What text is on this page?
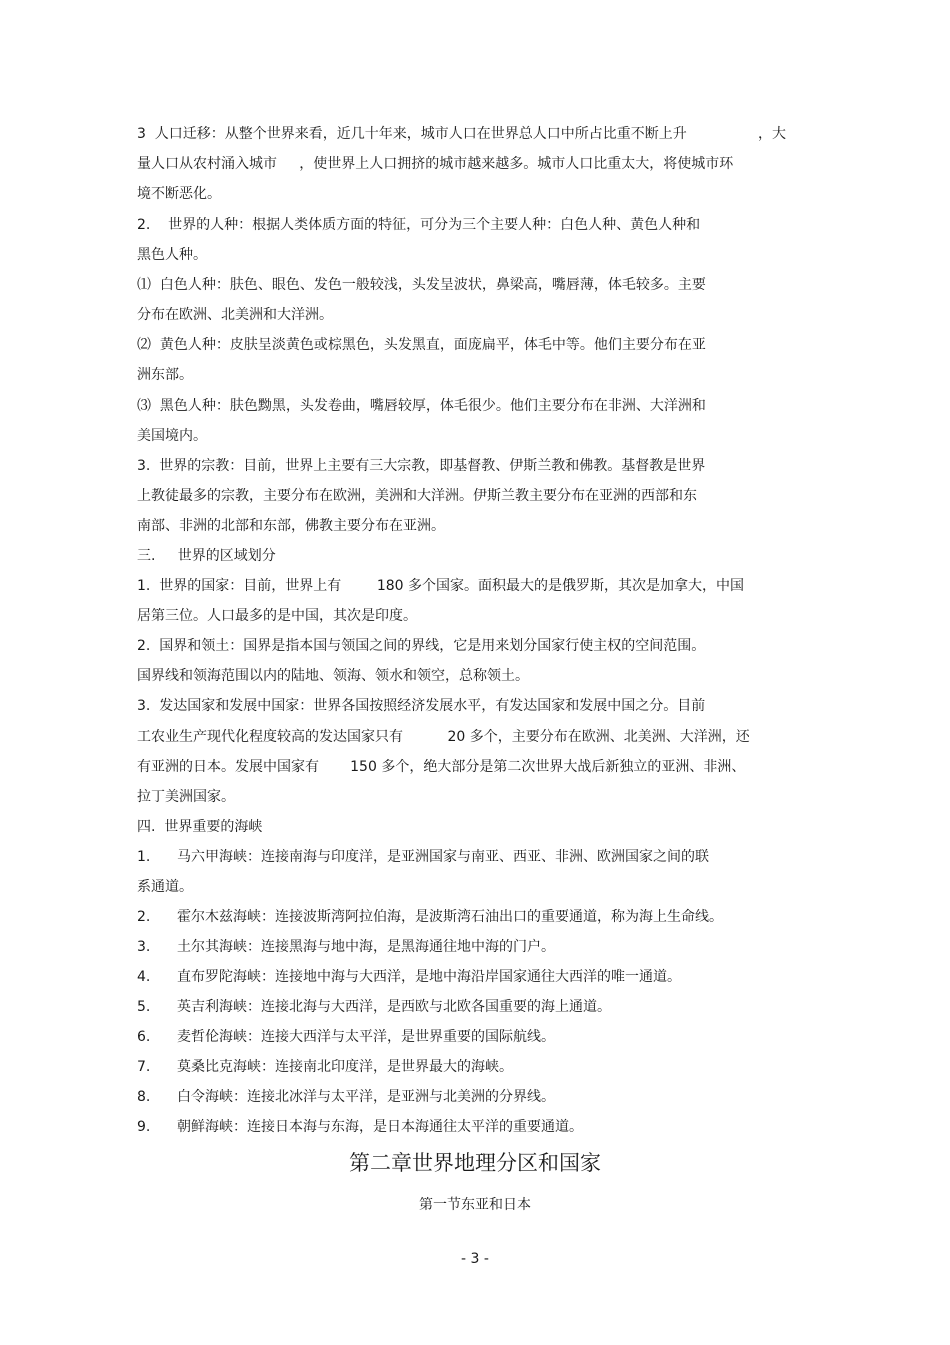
3  人口迁移：从整个世界来看，近几十年来，城市人口在世界总人口中所占比重不断上升                ，大
量人口从农村涌入城市     ，使世界上人口拥挤的城市越来越多。城市人口比重太大，将使城市环
境不断恶化。
2.    世界的人种：根据人类体质方面的特征，可分为三个主要人种：白色人种、黄色人种和
黑色人种。
⑴  白色人种：肤色、眼色、发色一般较浅，头发呈波状，鼻梁高，嘴唇薄，体毛较多。主要
分布在欧洲、北美洲和大洋洲。
⑵  黄色人种：皮肤呈淡黄色或棕黑色，头发黑直，面庞扁平，体毛中等。他们主要分布在亚
洲东部。
⑶  黑色人种：肤色黝黑，头发卷曲，嘴唇较厚，体毛很少。他们主要分布在非洲、大洋洲和
美国境内。
3.  世界的宗教：目前，世界上主要有三大宗教，即基督教、伊斯兰教和佛教。基督教是世界
上教徒最多的宗教，主要分布在欧洲，美洲和大洋洲。伊斯兰教主要分布在亚洲的西部和东
南部、非洲的北部和东部，佛教主要分布在亚洲。
三.     世界的区域划分
1.  世界的国家：目前，世界上有        180 多个国家。面积最大的是俄罗斯，其次是加拿大，中国
居第三位。人口最多的是中国，其次是印度。
2.  国界和领土：国界是指本国与领国之间的界线，它是用来划分国家行使主权的空间范围。
国界线和领海范围以内的陆地、领海、领水和领空，总称领土。
3.  发达国家和发展中国家：世界各国按照经济发展水平，有发达国家和发展中国之分。目前
工农业生产现代化程度较高的发达国家只有          20 多个，主要分布在欧洲、北美洲、大洋洲，还
有亚洲的日本。发展中国家有       150 多个，绝大部分是第二次世界大战后新独立的亚洲、非洲、
拉丁美洲国家。
四.  世界重要的海峡
1.      马六甲海峡：连接南海与印度洋，是亚洲国家与南亚、西亚、非洲、欧洲国家之间的联
系通道。
2.      霍尔木兹海峡：连接波斯湾阿拉伯海，是波斯湾石油出口的重要通道，称为海上生命线。
3.      土尔其海峡：连接黑海与地中海，是黑海通往地中海的门户。
4.      直布罗陀海峡：连接地中海与大西洋，是地中海沿岸国家通往大西洋的唯一通道。
5.      英吉利海峡：连接北海与大西洋，是西欧与北欧各国重要的海上通道。
6.      麦哲伦海峡：连接大西洋与太平洋，是世界重要的国际航线。
7.      莫桑比克海峡：连接南北印度洋，是世界最大的海峡。
8.      白令海峡：连接北冰洋与太平洋，是亚洲与北美洲的分界线。
9.      朝鲜海峡：连接日本海与东海，是日本海通往太平洋的重要通道。
第二章世界地理分区和国家
第一节东亚和日本
- 3 -
